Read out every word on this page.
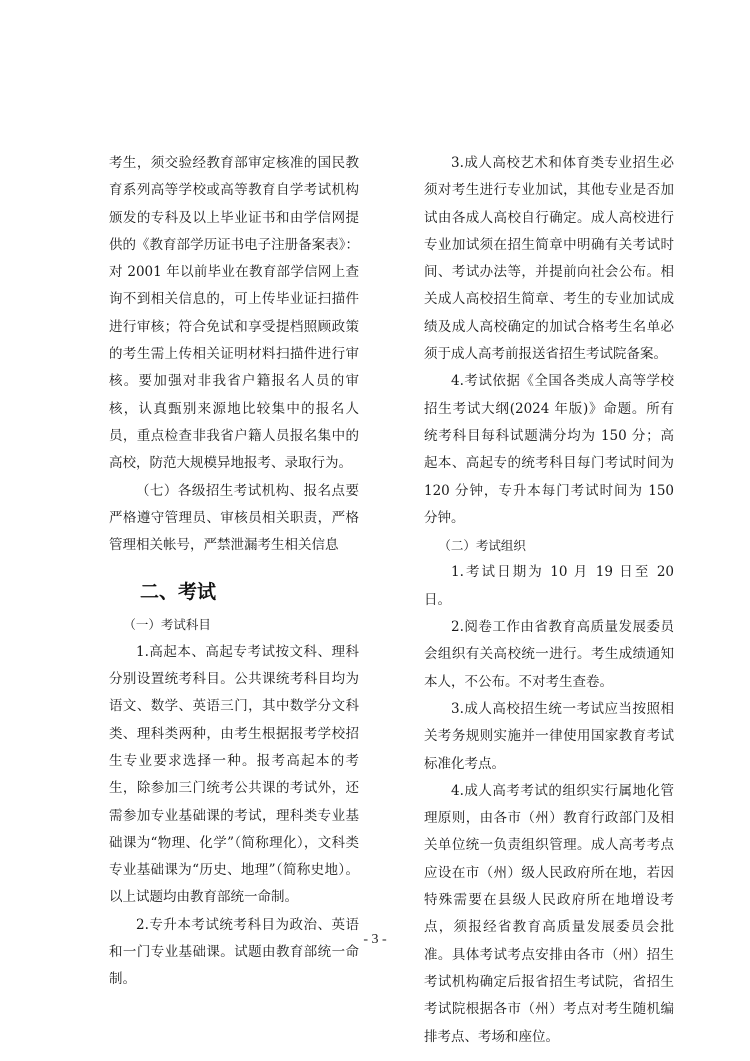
考生，须交验经教育部审定核准的国民教育系列高等学校或高等教育自学考试机构颁发的专科及以上毕业证书和由学信网提供的《教育部学历证书电子注册备案表》：对 2001 年以前毕业在教育部学信网上查询不到相关信息的，可上传毕业证扫描件进行审核；符合免试和享受提档照顾政策的考生需上传相关证明材料扫描件进行审核。要加强对非我省户籍报名人员的审核，认真甄别来源地比较集中的报名人员，重点检查非我省户籍人员报名集中的高校，防范大规模异地报考、录取行为。

（七）各级招生考试机构、报名点要严格遵守管理员、审核员相关职责，严格管理相关帐号，严禁泄漏考生相关信息

二、考试

（一）考试科目

1.高起本、高起专考试按文科、理科分别设置统考科目。公共课统考科目均为语文、数学、英语三门，其中数学分文科类、理科类两种，由考生根据报考学校招生专业要求选择一种。报考高起本的考生，除参加三门统考公共课的考试外，还需参加专业基础课的考试，理科类专业基础课为“物理、化学”（简称理化），文科类专业基础课为“历史、地理”（简称史地）。以上试题均由教育部统一命制。

2.专升本考试统考科目为政治、英语和一门专业基础课。试题由教育部统一命制。

3.成人高校艺术和体育类专业招生必须对考生进行专业加试，其他专业是否加试由各成人高校自行确定。成人高校进行专业加试须在招生简章中明确有关考试时间、考试办法等，并提前向社会公布。相关成人高校招生简章、考生的专业加试成绩及成人高校确定的加试合格考生名单必须于成人高考前报送省招生考试院备案。

4.考试依据《全国各类成人高等学校招生考试大纲(2024 年版)》命题。所有统考科目每科试题满分均为 150 分；高起本、高起专的统考科目每门考试时间为 120 分钟，专升本每门考试时间为 150 分钟。

（二）考试组织

1.考试日期为 10 月 19 日至 20 日。

2.阅卷工作由省教育高质量发展委员会组织有关高校统一进行。考生成绩通知本人，不公布。不对考生查卷。

3.成人高校招生统一考试应当按照相关考务规则实施并一律使用国家教育考试标准化考点。

4.成人高考考试的组织实行属地化管理原则，由各市（州）教育行政部门及相关单位统一负责组织管理。成人高考考点应设在市（州）级人民政府所在地，若因特殊需要在县级人民政府所在地增设考点，须报经省教育高质量发展委员会批准。具体考试考点安排由各市（州）招生考试机构确定后报省招生考试院，省招生考试院根据各市（州）考点对考生随机编排考点、考场和座位。

- 3 -
